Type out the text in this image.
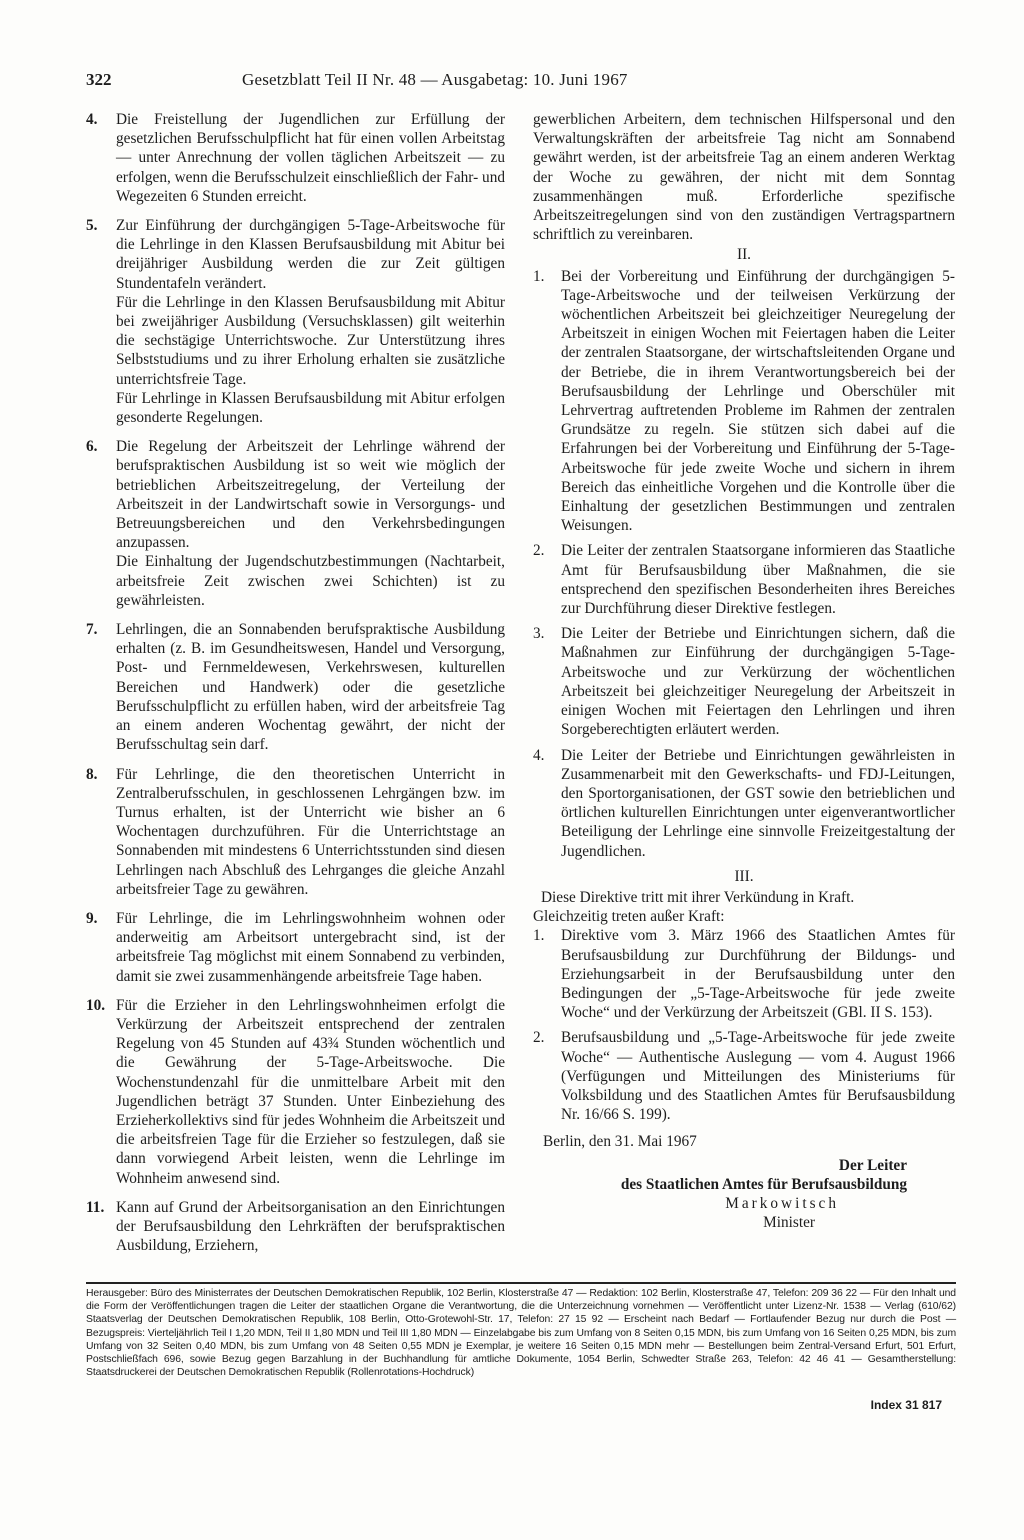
322	Gesetzblatt Teil II Nr. 48 — Ausgabetag: 10. Juni 1967
4. Die Freistellung der Jugendlichen zur Erfüllung der gesetzlichen Berufsschulpflicht hat für einen vollen Arbeitstag — unter Anrechnung der vollen täglichen Arbeitszeit — zu erfolgen, wenn die Berufsschulzeit einschließlich der Fahr- und Wegezeiten 6 Stunden erreicht.

5. Zur Einführung der durchgängigen 5-Tage-Arbeitswoche für die Lehrlinge in den Klassen Berufsausbildung mit Abitur bei dreijähriger Ausbildung werden die zur Zeit gültigen Stundentafeln verändert.

Für die Lehrlinge in den Klassen Berufsausbildung mit Abitur bei zweijähriger Ausbildung (Versuchsklassen) gilt weiterhin die sechstägige Unterrichtswoche. Zur Unterstützung ihres Selbststudiums und zu ihrer Erholung erhalten sie zusätzliche unterrichtsfreie Tage.

Für Lehrlinge in Klassen Berufsausbildung mit Abitur erfolgen gesonderte Regelungen.

6. Die Regelung der Arbeitszeit der Lehrlinge während der berufspraktischen Ausbildung ist so weit wie möglich der betrieblichen Arbeitszeitregelung, der Verteilung der Arbeitszeit in der Landwirtschaft sowie in Versorgungs- und Betreuungsbereichen und den Verkehrsbedingungen anzupassen.

Die Einhaltung der Jugendschutzbestimmungen (Nachtarbeit, arbeitsfreie Zeit zwischen zwei Schichten) ist zu gewährleisten.

7. Lehrlingen, die an Sonnabenden berufspraktische Ausbildung erhalten (z. B. im Gesundheitswesen, Handel und Versorgung, Post- und Fernmeldewesen, Verkehrswesen, kulturellen Bereichen und Handwerk) oder die gesetzliche Berufsschulpflicht zu erfüllen haben, wird der arbeitsfreie Tag an einem anderen Wochentag gewährt, der nicht der Berufsschultag sein darf.

8. Für Lehrlinge, die den theoretischen Unterricht in Zentralberufsschulen, in geschlossenen Lehrgängen bzw. im Turnus erhalten, ist der Unterricht wie bisher an 6 Wochentagen durchzuführen. Für die Unterrichtstage an Sonnabenden mit mindestens 6 Unterrichtsstunden sind diesen Lehrlingen nach Abschluß des Lehrganges die gleiche Anzahl arbeitsfreier Tage zu gewähren.

9. Für Lehrlinge, die im Lehrlingswohnheim wohnen oder anderweitig am Arbeitsort untergebracht sind, ist der arbeitsfreie Tag möglichst mit einem Sonnabend zu verbinden, damit sie zwei zusammenhängende arbeitsfreie Tage haben.

10. Für die Erzieher in den Lehrlingswohnheimen erfolgt die Verkürzung der Arbeitszeit entsprechend der zentralen Regelung von 45 Stunden auf 43¾ Stunden wöchentlich und die Gewährung der 5-Tage-Arbeitswoche. Die Wochenstundenzahl für die unmittelbare Arbeit mit den Jugendlichen beträgt 37 Stunden. Unter Einbeziehung des Erzieherkollektivs sind für jedes Wohnheim die Arbeitszeit und die arbeitsfreien Tage für die Erzieher so festzulegen, daß sie dann vorwiegend Arbeit leisten, wenn die Lehrlinge im Wohnheim anwesend sind.

11. Kann auf Grund der Arbeitsorganisation an den Einrichtungen der Berufsausbildung den Lehrkräften der berufspraktischen Ausbildung, Erziehern,

gewerblichen Arbeitern, dem technischen Hilfspersonal und den Verwaltungskräften der arbeitsfreie Tag nicht am Sonnabend gewährt werden, ist der arbeitsfreie Tag an einem anderen Werktag der Woche zu gewähren, der nicht mit dem Sonntag zusammenhängen muß. Erforderliche spezifische Arbeitszeitregelungen sind von den zuständigen Vertragspartnern schriftlich zu vereinbaren.

II.
1. Bei der Vorbereitung und Einführung der durchgängigen 5-Tage-Arbeitswoche und der teilweisen Verkürzung der wöchentlichen Arbeitszeit bei gleichzeitiger Neuregelung der Arbeitszeit in einigen Wochen mit Feiertagen haben die Leiter der zentralen Staatsorgane, der wirtschaftsleitenden Organe und der Betriebe, die in ihrem Verantwortungsbereich bei der Berufsausbildung der Lehrlinge und Oberschüler mit Lehrvertrag auftretenden Probleme im Rahmen der zentralen Grundsätze zu regeln. Sie stützen sich dabei auf die Erfahrungen bei der Vorbereitung und Einführung der 5-Tage-Arbeitswoche für jede zweite Woche und sichern in ihrem Bereich das einheitliche Vorgehen und die Kontrolle über die Einhaltung der gesetzlichen Bestimmungen und zentralen Weisungen.

2. Die Leiter der zentralen Staatsorgane informieren das Staatliche Amt für Berufsausbildung über Maßnahmen, die sie entsprechend den spezifischen Besonderheiten ihres Bereiches zur Durchführung dieser Direktive festlegen.

3. Die Leiter der Betriebe und Einrichtungen sichern, daß die Maßnahmen zur Einführung der durchgängigen 5-Tage-Arbeitswoche und zur Verkürzung der wöchentlichen Arbeitszeit bei gleichzeitiger Neuregelung der Arbeitszeit in einigen Wochen mit Feiertagen den Lehrlingen und ihren Sorgeberechtigten erläutert werden.

4. Die Leiter der Betriebe und Einrichtungen gewährleisten in Zusammenarbeit mit den Gewerkschafts- und FDJ-Leitungen, den Sportorganisationen, der GST sowie den betrieblichen und örtlichen kulturellen Einrichtungen unter eigenverantwortlicher Beteiligung der Lehrlinge eine sinnvolle Freizeitgestaltung der Jugendlichen.

III.

Diese Direktive tritt mit ihrer Verkündung in Kraft.

Gleichzeitig treten außer Kraft:

1. Direktive vom 3. März 1966 des Staatlichen Amtes für Berufsausbildung zur Durchführung der Bildungs- und Erziehungsarbeit in der Berufsausbildung unter den Bedingungen der „5-Tage-Arbeitswoche für jede zweite Woche“ und der Verkürzung der Arbeitszeit (GBl. II S. 153).

2. Berufsausbildung und „5-Tage-Arbeitswoche für jede zweite Woche“ — Authentische Auslegung — vom 4. August 1966 (Verfügungen und Mitteilungen des Ministeriums für Volksbildung und des Staatlichen Amtes für Berufsausbildung Nr. 16/66 S. 199).

Berlin, den 31. Mai 1967

Der Leiter

des Staatlichen Amtes für Berufsausbildung

Markowitsch

Minister

Herausgeber: Büro des Ministerrates der Deutschen Demokratischen Republik, 102 Berlin, Klosterstraße 47 — Redaktion: 102 Berlin, Klosterstraße 47, Telefon: 209 36 22 — Für den Inhalt und die Form der Veröffentlichungen tragen die Leiter der staatlichen Organe die Verantwortung, die die Unterzeichnung vornehmen — Veröffentlicht unter Lizenz-Nr. 1538 — Verlag (610/62) Staatsverlag der Deutschen Demokratischen Republik, 108 Berlin, Otto-Grotewohl-Str. 17, Telefon: 27 15 92 — Erscheint nach Bedarf — Fortlaufender Bezug nur durch die Post — Bezugspreis: Vierteljährlich Teil I 1,20 MDN, Teil II 1,80 MDN und Teil III 1,80 MDN — Einzelabgabe bis zum Umfang von 8 Seiten 0,15 MDN, bis zum Umfang von 16 Seiten 0,25 MDN, bis zum Umfang von 32 Seiten 0,40 MDN, bis zum Umfang von 48 Seiten 0,55 MDN je Exemplar, je weitere 16 Seiten 0,15 MDN mehr — Bestellungen beim Zentral-Versand Erfurt, 501 Erfurt, Postschließfach 696, sowie Bezug gegen Barzahlung in der Buchhandlung für amtliche Dokumente, 1054 Berlin, Schwedter Straße 263, Telefon: 42 46 41 — Gesamtherstellung: Staatsdruckerei der Deutschen Demokratischen Republik (Rollenrotations-Hochdruck)
Index 31 817
